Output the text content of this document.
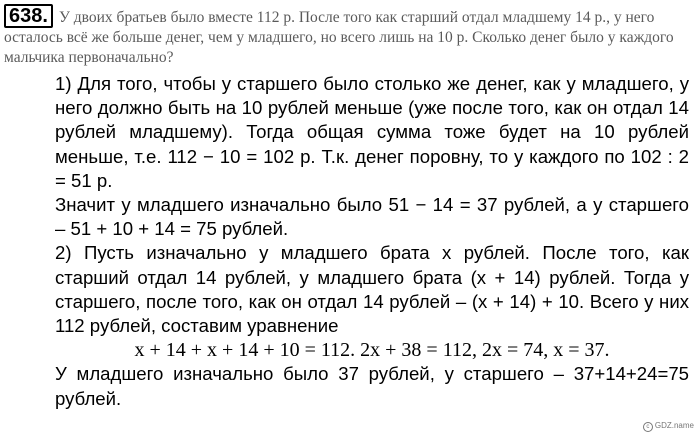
638. У двоих братьев было вместе 112 р. После того как старший отдал младшему 14 р., у него осталось всё же больше денег, чем у младшего, но всего лишь на 10 р. Сколько денег было у каждого мальчика первоначально?
1) Для того, чтобы у старшего было столько же денег, как у младшего, у него должно быть на 10 рублей меньше (уже после того, как он отдал 14 рублей младшему). Тогда общая сумма тоже будет на 10 рублей меньше, т.е. 112 − 10 = 102 р. Т.к. денег поровну, то у каждого по 102 : 2 = 51 р.
Значит у младшего изначально было 51 − 14 = 37 рублей, а у старшего – 51 + 10 + 14 = 75 рублей.
2) Пусть изначально у младшего брата x рублей. После того, как старший отдал 14 рублей, у младшего брата (x + 14) рублей. Тогда у старшего, после того, как он отдал 14 рублей – (x + 14) + 10. Всего у них 112 рублей, составим уравнение
x + 14 + x + 14 + 10 = 112. 2x + 38 = 112, 2x = 74, x = 37.
У младшего изначально было 37 рублей, у старшего – 37+14+24=75 рублей.
c GDZ.name
